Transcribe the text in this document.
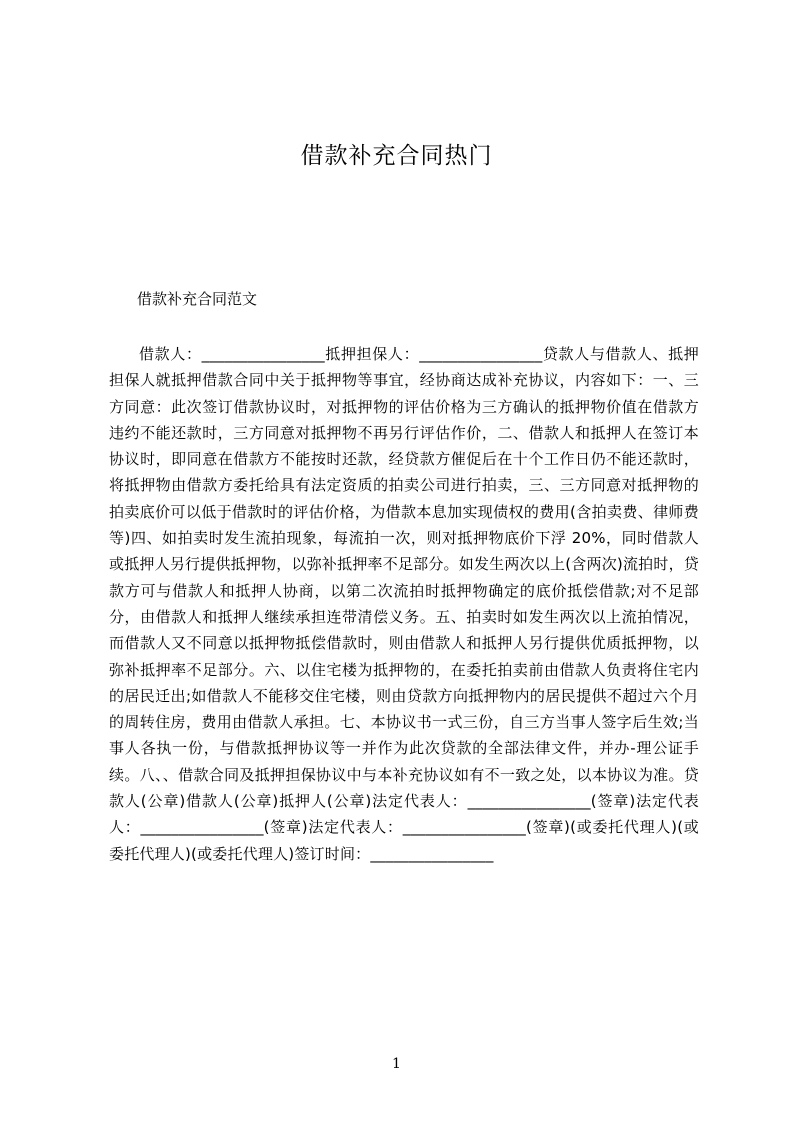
借款补充合同热门
借款补充合同范文

借款人：________________抵押担保人：________________贷款人与借款人、抵押担保人就抵押借款合同中关于抵押物等事宜，经协商达成补充协议，内容如下：一、三方同意：此次签订借款协议时，对抵押物的评估价格为三方确认的抵押物价值在借款方违约不能还款时，三方同意对抵押物不再另行评估作价，二、借款人和抵押人在签订本协议时，即同意在借款方不能按时还款，经贷款方催促后在十个工作日仍不能还款时，将抵押物由借款方委托给具有法定资质的拍卖公司进行拍卖，三、三方同意对抵押物的拍卖底价可以低于借款时的评估价格，为借款本息加实现债权的费用(含拍卖费、律师费等)四、如拍卖时发生流拍现象，每流拍一次，则对抵押物底价下浮 20%，同时借款人或抵押人另行提供抵押物，以弥补抵押率不足部分。如发生两次以上(含两次)流拍时，贷款方可与借款人和抵押人协商，以第二次流拍时抵押物确定的底价抵偿借款;对不足部分，由借款人和抵押人继续承担连带清偿义务。五、拍卖时如发生两次以上流拍情况，而借款人又不同意以抵押物抵偿借款时，则由借款人和抵押人另行提供优质抵押物，以弥补抵押率不足部分。六、以住宅楼为抵押物的，在委托拍卖前由借款人负责将住宅内的居民迁出;如借款人不能移交住宅楼，则由贷款方向抵押物内的居民提供不超过六个月的周转住房，费用由借款人承担。七、本协议书一式三份，自三方当事人签字后生效;当事人各执一份，与借款抵押协议等一并作为此次贷款的全部法律文件，并办-理公证手续。八、、借款合同及抵押担保协议中与本补充协议如有不一致之处，以本协议为准。贷款人(公章)借款人(公章)抵押人(公章)法定代表人：________________(签章)法定代表人：________________(签章)法定代表人：________________(签章)(或委托代理人)(或委托代理人)(或委托代理人)签订时间：________________

1
